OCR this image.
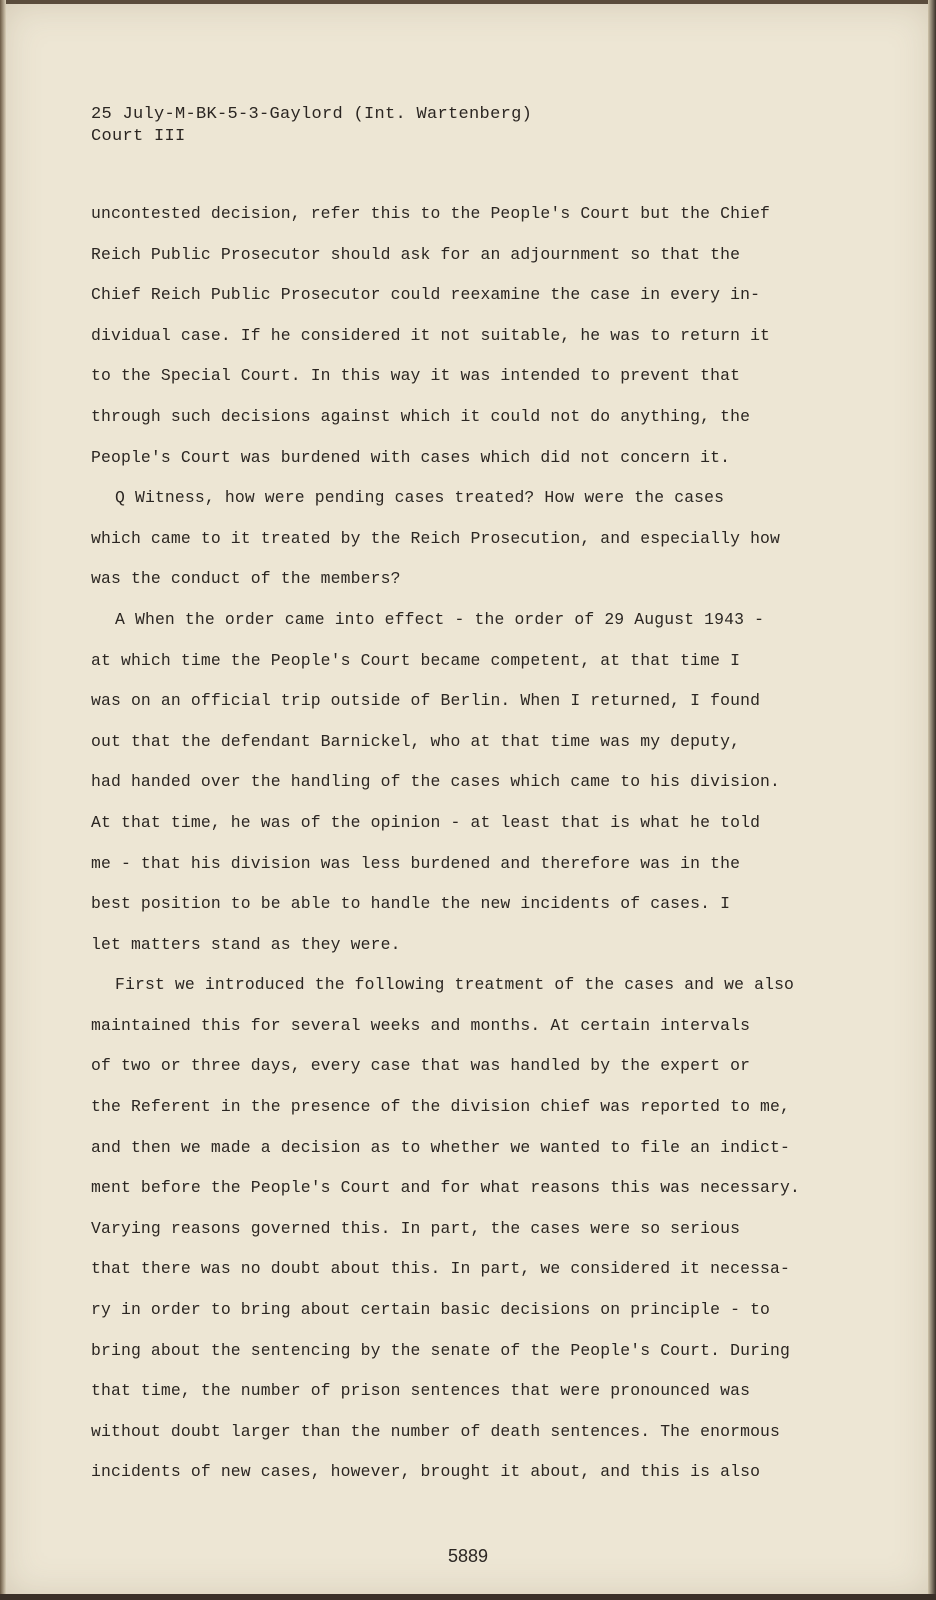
25 July-M-BK-5-3-Gaylord (Int. Wartenberg)
Court III
uncontested decision, refer this to the People's Court but the Chief
Reich Public Prosecutor should ask for an adjournment so that the
Chief Reich Public Prosecutor could reexamine the case in every in-
dividual case. If he considered it not suitable, he was to return it
to the Special Court. In this way it was intended to prevent that
through such decisions against which it could not do anything, the
People's Court was burdened with cases which did not concern it.
Q Witness, how were pending cases treated? How were the cases
which came to it treated by the Reich Prosecution, and especially how
was the conduct of the members?
A When the order came into effect - the order of 29 August 1943 -
at which time the People's Court became competent, at that time I
was on an official trip outside of Berlin. When I returned, I found
out that the defendant Barnickel, who at that time was my deputy,
had handed over the handling of the cases which came to his division.
At that time, he was of the opinion - at least that is what he told
me - that his division was less burdened and therefore was in the
best position to be able to handle the new incidents of cases. I
let matters stand as they were.
First we introduced the following treatment of the cases and we also
maintained this for several weeks and months. At certain intervals
of two or three days, every case that was handled by the expert or
the Referent in the presence of the division chief was reported to me,
and then we made a decision as to whether we wanted to file an indict-
ment before the People's Court and for what reasons this was necessary.
Varying reasons governed this. In part, the cases were so serious
that there was no doubt about this. In part, we considered it necessa-
ry in order to bring about certain basic decisions on principle - to
bring about the sentencing by the senate of the People's Court. During
that time, the number of prison sentences that were pronounced was
without doubt larger than the number of death sentences. The enormous
incidents of new cases, however, brought it about, and this is also
5889
